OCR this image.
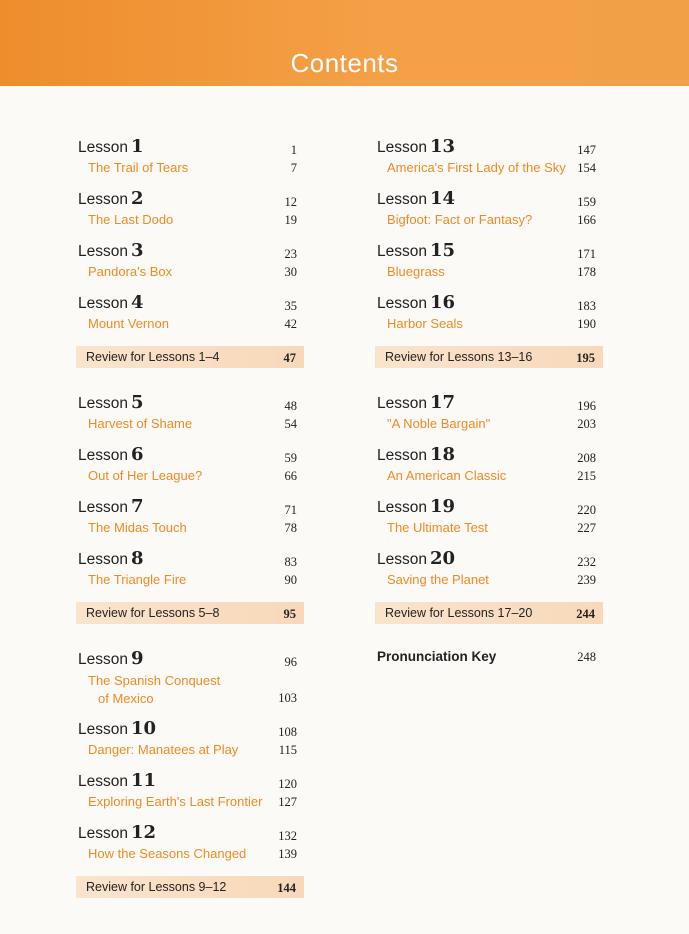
Contents
Lesson 1	1
The Trail of Tears	7
Lesson 2	12
The Last Dodo	19
Lesson 3	23
Pandora's Box	30
Lesson 4	35
Mount Vernon	42
Review for Lessons 1–4	47
Lesson 5	48
Harvest of Shame	54
Lesson 6	59
Out of Her League?	66
Lesson 7	71
The Midas Touch	78
Lesson 8	83
The Triangle Fire	90
Review for Lessons 5–8	95
Lesson 9	96
The Spanish Conquest
of Mexico	103
Lesson 10	108
Danger: Manatees at Play	115
Lesson 11	120
Exploring Earth's Last Frontier 127
Lesson 12	132
How the Seasons Changed	139
Review for Lessons 9–12	144
Lesson 13	147
America's First Lady of the Sky 154
Lesson 14	159
Bigfoot: Fact or Fantasy?	166
Lesson 15	171
Bluegrass	178
Lesson 16	183
Harbor Seals	190
Review for Lessons 13–16	195
Lesson 17	196
"A Noble Bargain"	203
Lesson 18	208
An American Classic	215
Lesson 19	220
The Ultimate Test	227
Lesson 20	232
Saving the Planet	239
Review for Lessons 17–20	244
Pronunciation Key	248
